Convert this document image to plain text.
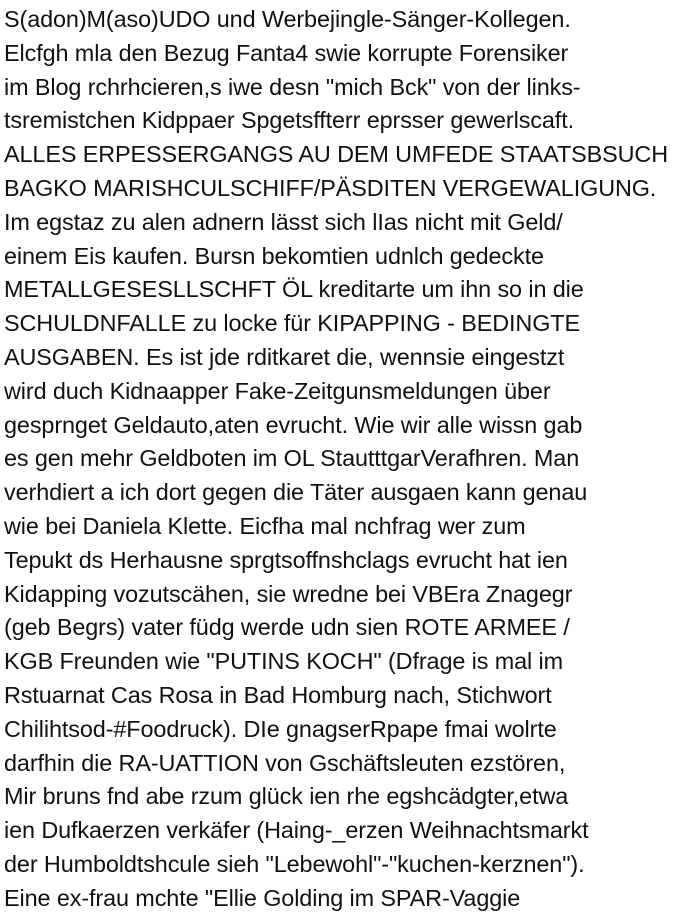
S(adon)M(aso)UDO und Werbejingle-Sänger-Kollegen.
Elcfgh mla den Bezug Fanta4 swie korrupte Forensiker
im Blog rchrhcieren,s iwe desn "mich Bck" von der links-
tsremistchen Kidppaer Spgetsffterr eprsser gewerlscaft.
ALLES ERPESSERGANGS AU DEM UMFEDE STAATSBSUCH
BAGKO MARISHCULSCHIFF/PÄSDITEN VERGEWALIGUNG.
Im egstaz zu alen adnern lässt sich lIas nicht mit Geld/
einem Eis kaufen. Bursn bekomtien udnlch gedeckte
METALLGESESLLSCHFT ÖL kreditarte um ihn so in die
SCHULDNFALLE zu locke für KIPAPPING - BEDINGTE
AUSGABEN. Es ist jde rditkaret die, wennsie eingestzt
wird duch Kidnaapper Fake-Zeitgunsmeldungen über
gesprnget Geldauto,aten evrucht. Wie wir alle wissn gab
es gen mehr Geldboten im OL StautttgarVerafhren. Man
verhdiert a ich dort gegen die Täter ausgaen kann genau
wie bei Daniela Klette. Eicfha mal nchfrag wer zum
Tepukt ds Herhausne sprgtsoffnshclags evrucht hat ien
Kidapping vozutscähen, sie wredne bei VBEra Znagegr
(geb Begrs) vater füdg werde udn sien ROTE ARMEE /
KGB Freunden wie "PUTINS KOCH" (Dfrage is mal im
Rstuarnat Cas Rosa in Bad Homburg nach, Stichwort
Chilihtsod-#Foodruck). DIe gnagserRpape fmai wolrte
darfhin die RA-UATTION von Gschäftsleuten ezstören,
Mir bruns fnd abe rzum glück ien rhe egshcädgter,etwa
ien Dufkaerzen verkäfer (Haing-_erzen Weihnachtsmarkt
der Humboldtshcule sieh "Lebewohl"-"kuchen-kerznen").
Eine ex-frau mchte "Ellie Golding im SPAR-Vaggie
